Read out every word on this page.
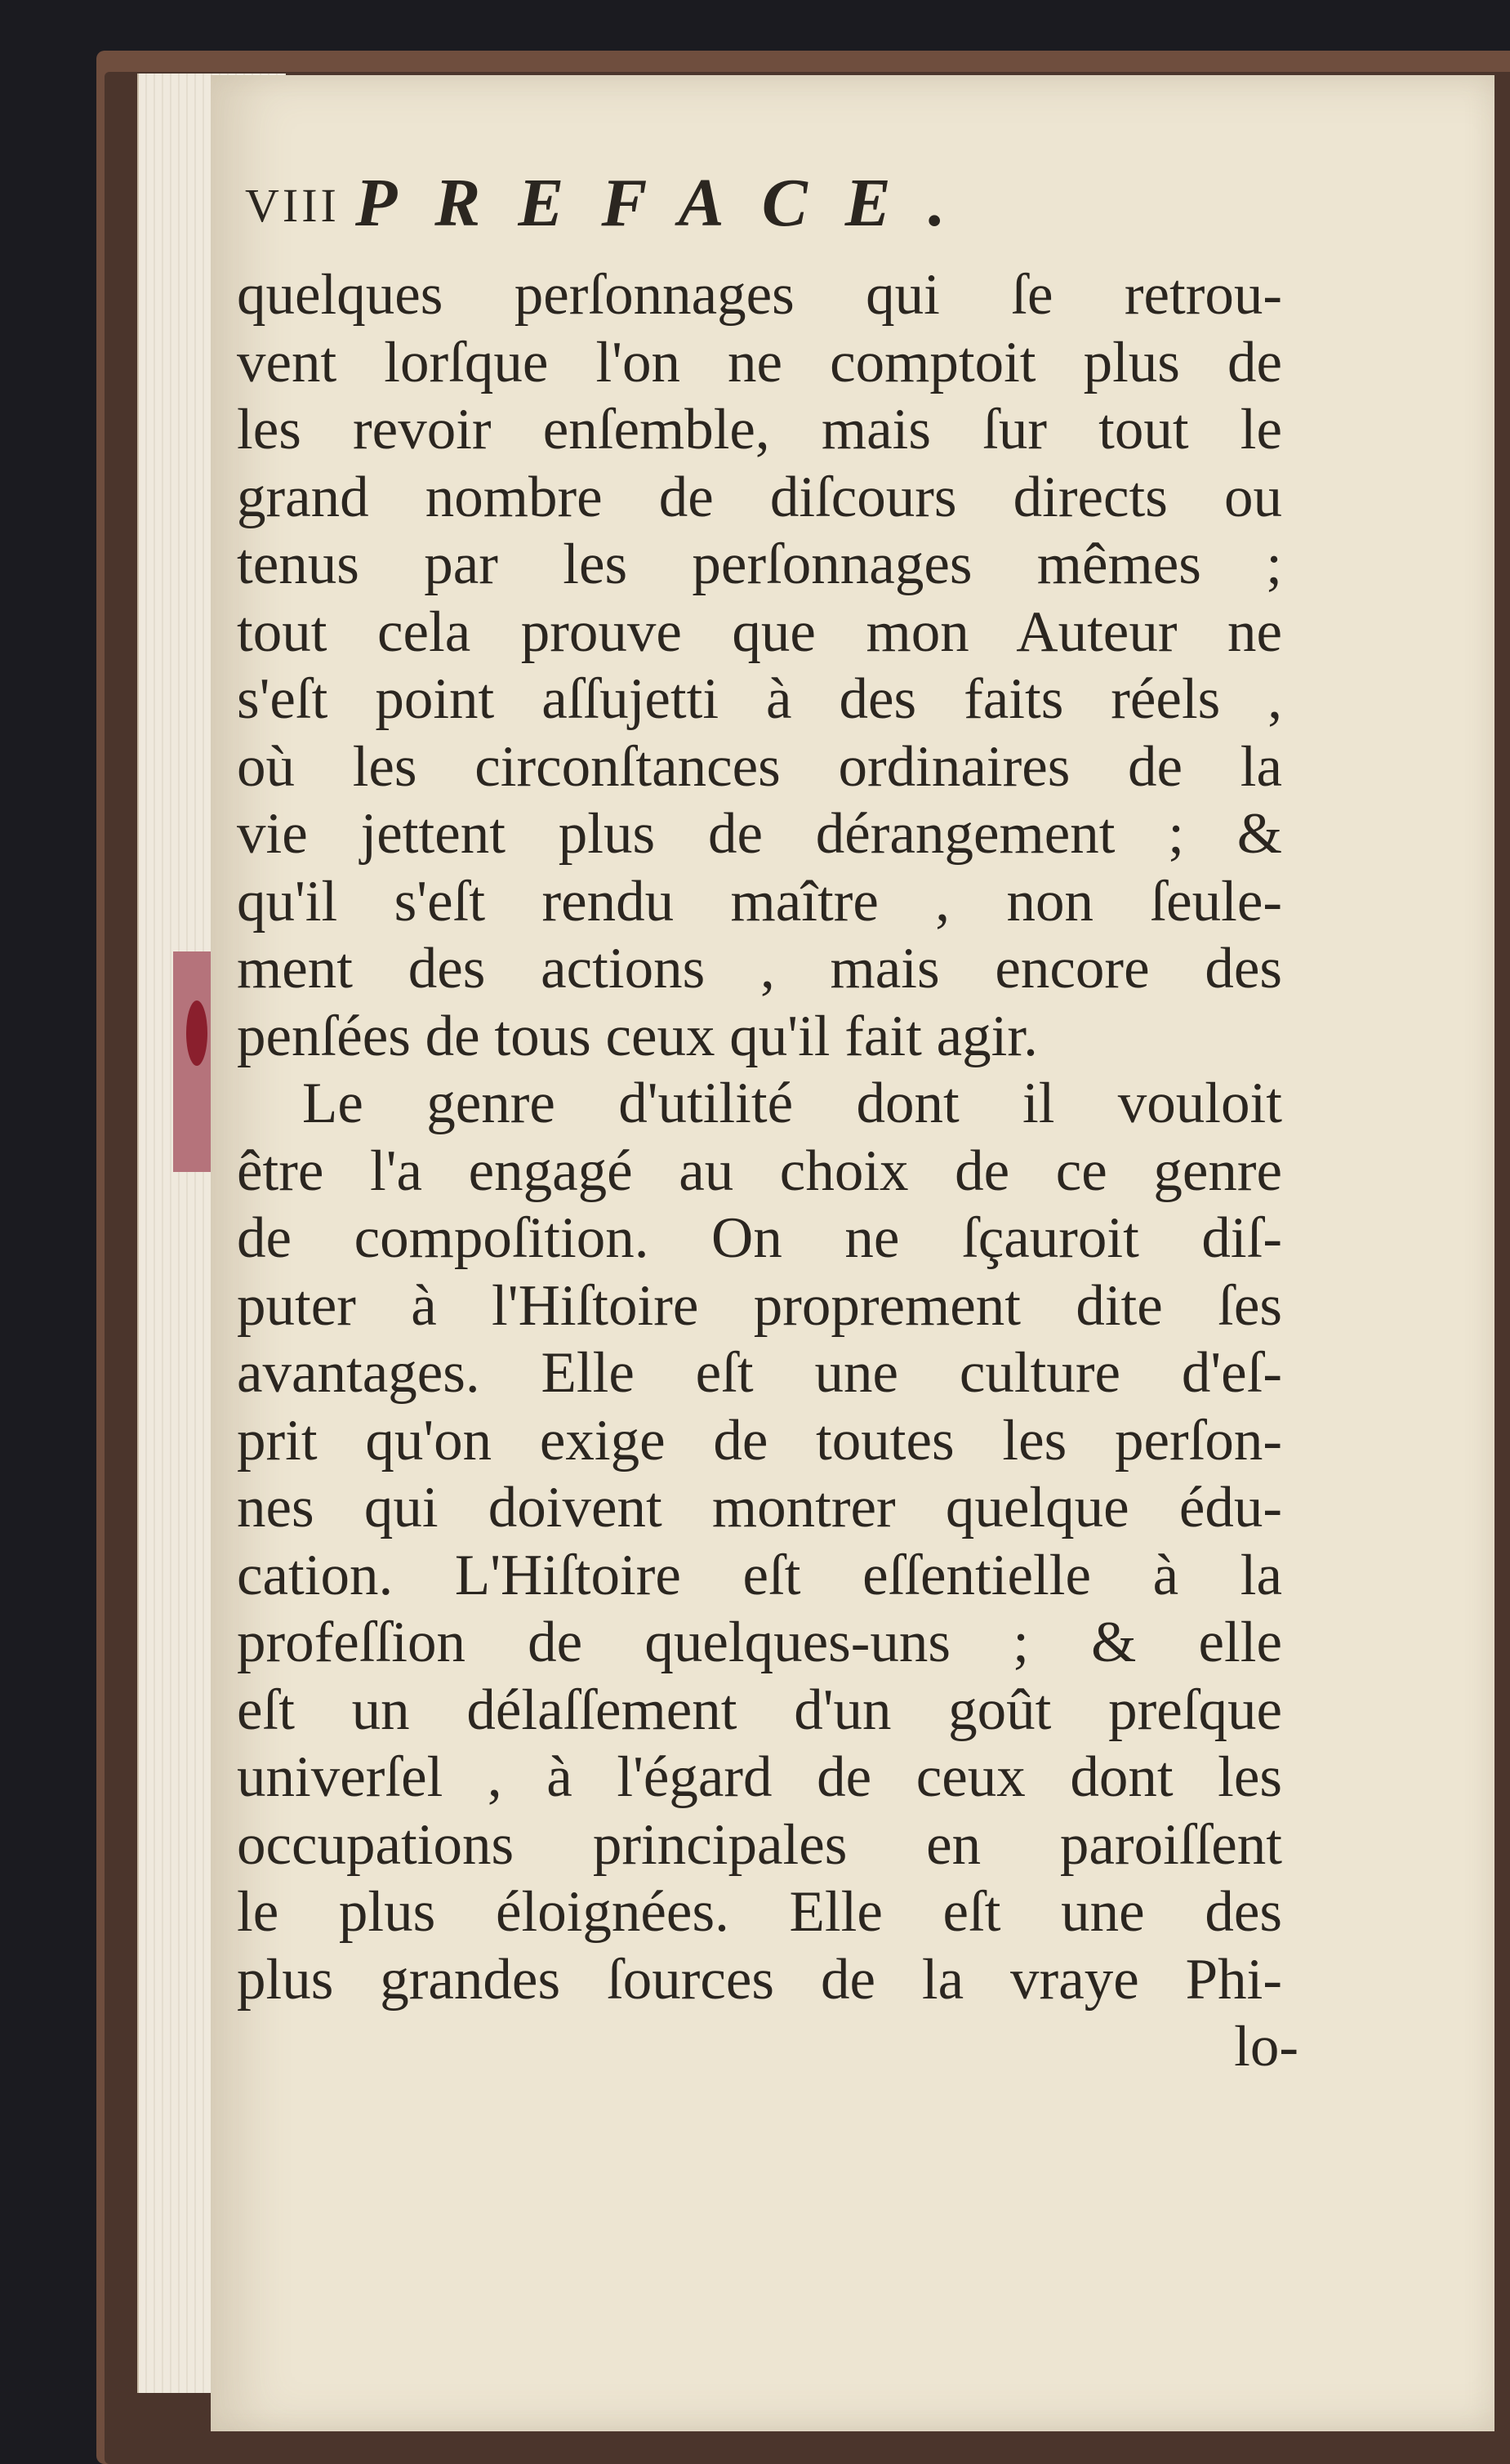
VIII PREFACE.
quelques perſonnages qui ſe retrou-
vent lorſque l'on ne comptoit plus de
les revoir enſemble, mais ſur tout le
grand nombre de diſcours directs ou
tenus par les perſonnages mêmes ;
tout cela prouve que mon Auteur ne
s'eſt point aſſujetti à des faits réels ,
où les circonſtances ordinaires de la
vie jettent plus de dérangement ; &
qu'il s'eſt rendu maître , non ſeule-
ment des actions , mais encore des
penſées de tous ceux qu'il fait agir.
Le genre d'utilité dont il vouloit
être l'a engagé au choix de ce genre
de compoſition. On ne ſçauroit diſ-
puter à l'Hiſtoire proprement dite ſes
avantages. Elle eſt une culture d'eſ-
prit qu'on exige de toutes les perſon-
nes qui doivent montrer quelque édu-
cation. L'Hiſtoire eſt eſſentielle à la
profeſſion de quelques-uns ; & elle
eſt un délaſſement d'un goût preſque
univerſel , à l'égard de ceux dont les
occupations principales en paroiſſent
le plus éloignées. Elle eſt une des
plus grandes ſources de la vraye Phi-
lo-
